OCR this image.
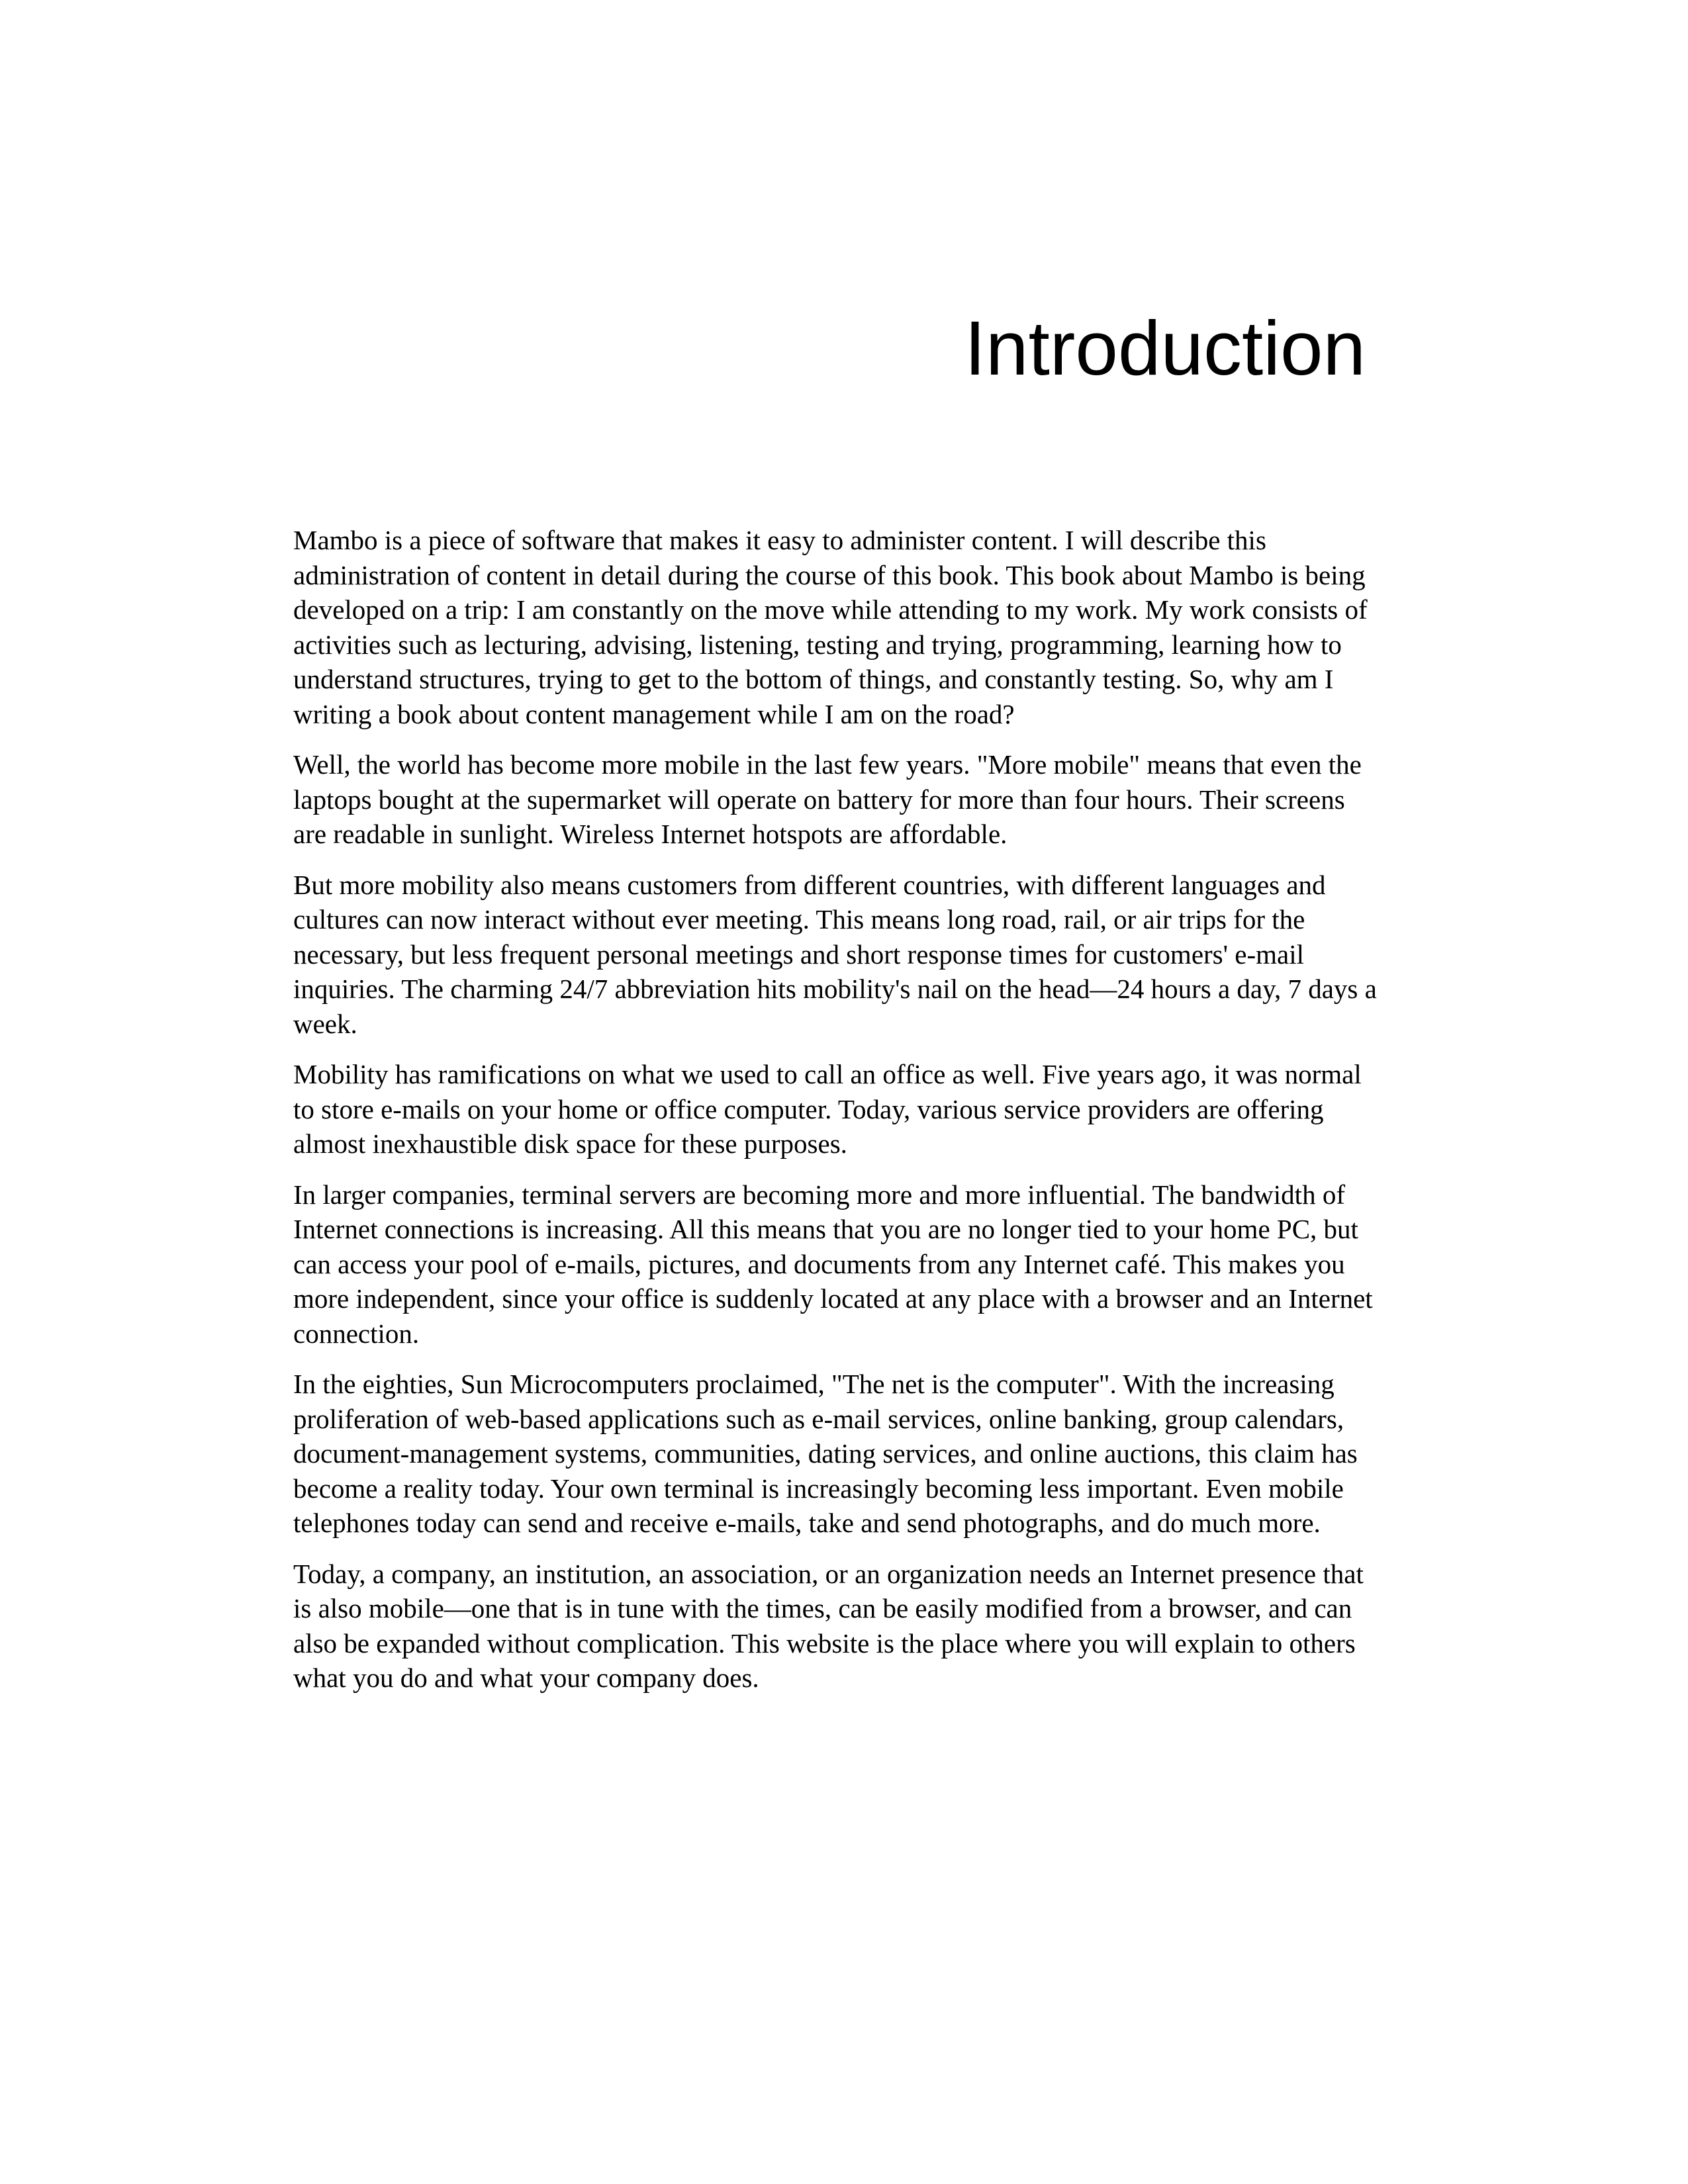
Introduction

Mambo is a piece of software that makes it easy to administer content. I will describe this administration of content in detail during the course of this book. This book about Mambo is being developed on a trip: I am constantly on the move while attending to my work. My work consists of activities such as lecturing, advising, listening, testing and trying, programming, learning how to understand structures, trying to get to the bottom of things, and constantly testing. So, why am I writing a book about content management while I am on the road?

Well, the world has become more mobile in the last few years. "More mobile" means that even the laptops bought at the supermarket will operate on battery for more than four hours. Their screens are readable in sunlight. Wireless Internet hotspots are affordable.

But more mobility also means customers from different countries, with different languages and cultures can now interact without ever meeting. This means long road, rail, or air trips for the necessary, but less frequent personal meetings and short response times for customers' e-mail inquiries. The charming 24/7 abbreviation hits mobility's nail on the head—24 hours a day, 7 days a week.

Mobility has ramifications on what we used to call an office as well. Five years ago, it was normal to store e-mails on your home or office computer. Today, various service providers are offering almost inexhaustible disk space for these purposes.

In larger companies, terminal servers are becoming more and more influential. The bandwidth of Internet connections is increasing. All this means that you are no longer tied to your home PC, but can access your pool of e-mails, pictures, and documents from any Internet café. This makes you more independent, since your office is suddenly located at any place with a browser and an Internet connection.

In the eighties, Sun Microcomputers proclaimed, "The net is the computer". With the increasing proliferation of web-based applications such as e-mail services, online banking, group calendars, document-management systems, communities, dating services, and online auctions, this claim has become a reality today. Your own terminal is increasingly becoming less important. Even mobile telephones today can send and receive e-mails, take and send photographs, and do much more.

Today, a company, an institution, an association, or an organization needs an Internet presence that is also mobile—one that is in tune with the times, can be easily modified from a browser, and can also be expanded without complication. This website is the place where you will explain to others what you do and what your company does.
